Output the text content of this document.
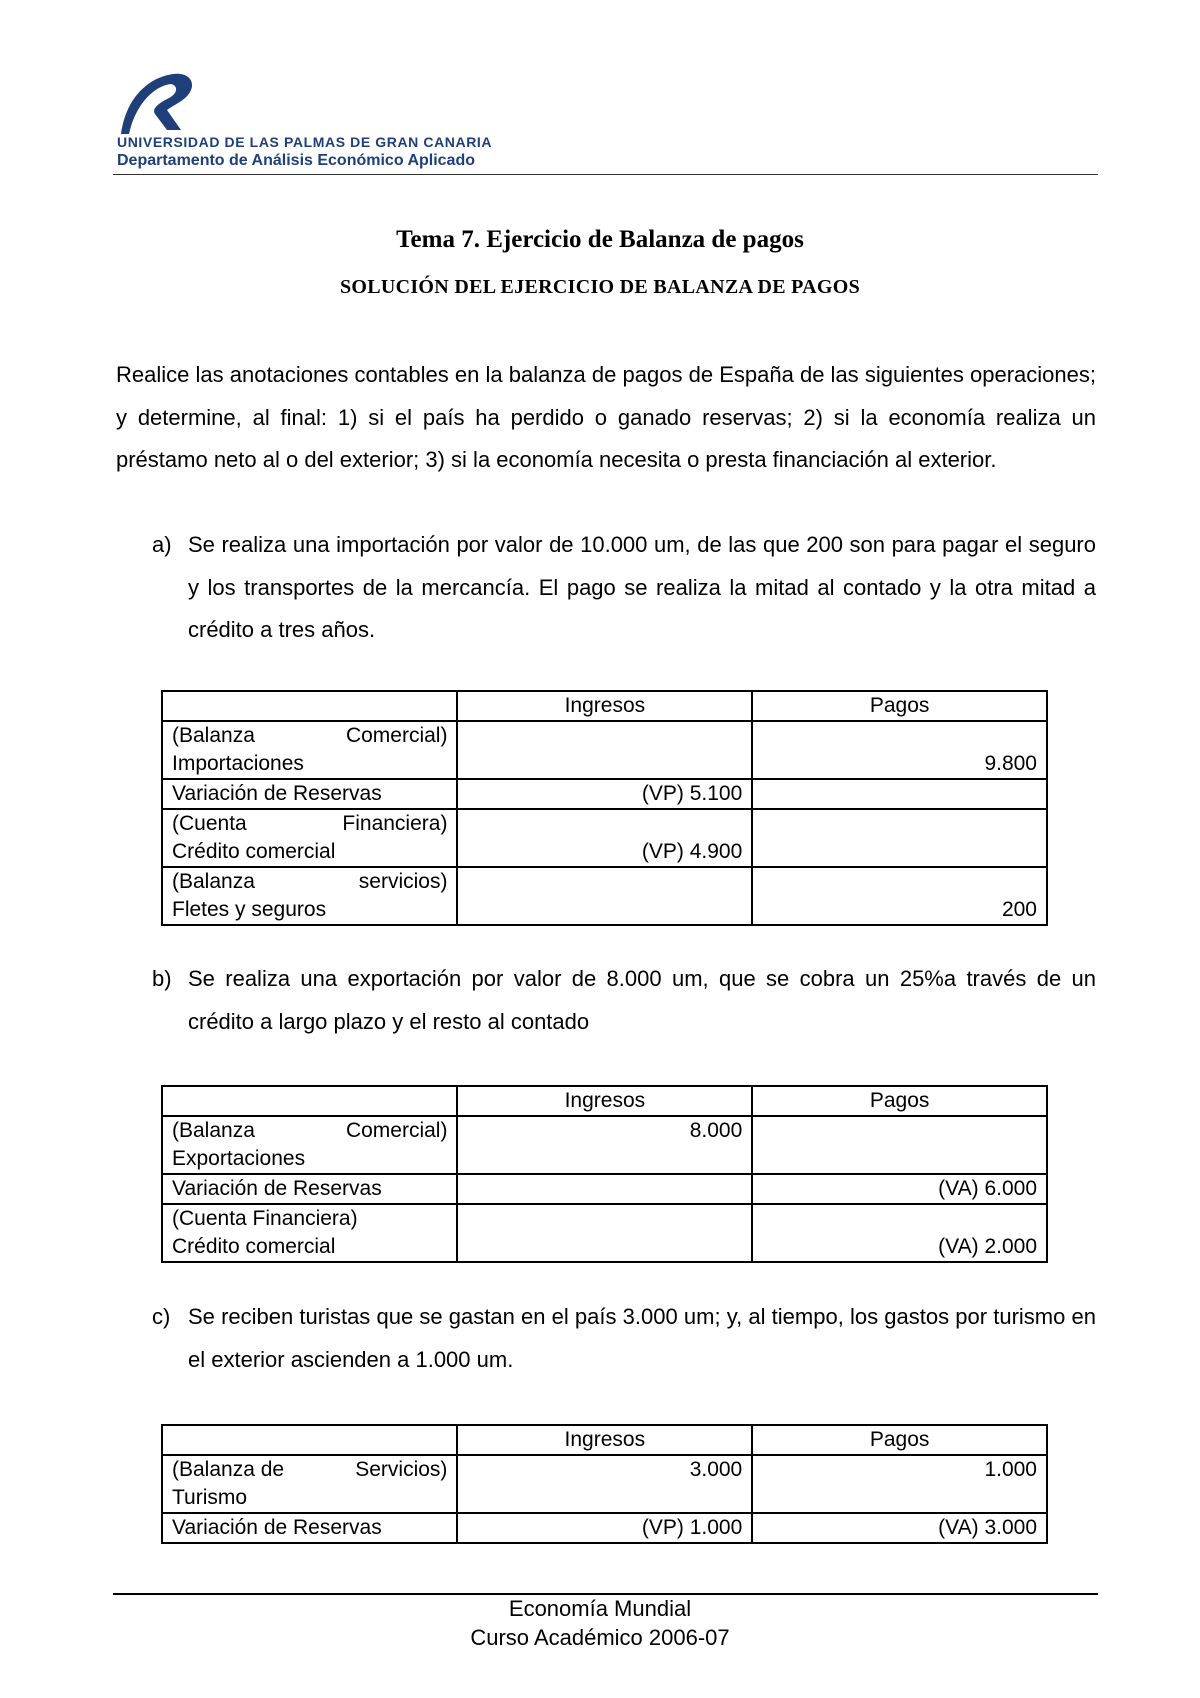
UNIVERSIDAD DE LAS PALMAS DE GRAN CANARIA
Departamento de Análisis Económico Aplicado
Tema 7. Ejercicio de Balanza de pagos
SOLUCIÓN DEL EJERCICIO DE BALANZA DE PAGOS
Realice las anotaciones contables en la balanza de pagos de España de las siguientes operaciones; y determine, al final: 1) si el país ha perdido o ganado reservas; 2) si la economía realiza un préstamo neto al o del exterior; 3) si la economía necesita o presta financiación al exterior.
a) Se realiza una importación por valor de 10.000 um, de las que 200 son para pagar el seguro y los transportes de la mercancía. El pago se realiza la mitad al contado y la otra mitad a crédito a tres años.
	Ingresos	Pagos

(Balanza Comercial)
Importaciones		9.800
Variación de Reservas	(VP) 5.100	

(Cuenta Financiera)
Crédito comercial	(VP) 4.900	

(Balanza servicios)
Fletes y seguros		200
b) Se realiza una exportación por valor de 8.000 um, que se cobra un 25%a través de un crédito a largo plazo y el resto al contado
	Ingresos	Pagos

(Balanza Comercial)
Exportaciones	8.000	
Variación de Reservas		(VA) 6.000

(Cuenta Financiera)
Crédito comercial		(VA) 2.000
c) Se reciben turistas que se gastan en el país 3.000 um; y, al tiempo, los gastos por turismo en el exterior ascienden a 1.000 um.
	Ingresos	Pagos

(Balanza de Servicios)
Turismo	3.000	1.000
Variación de Reservas	(VP) 1.000	(VA) 3.000
Economía Mundial
Curso Académico 2006-07
